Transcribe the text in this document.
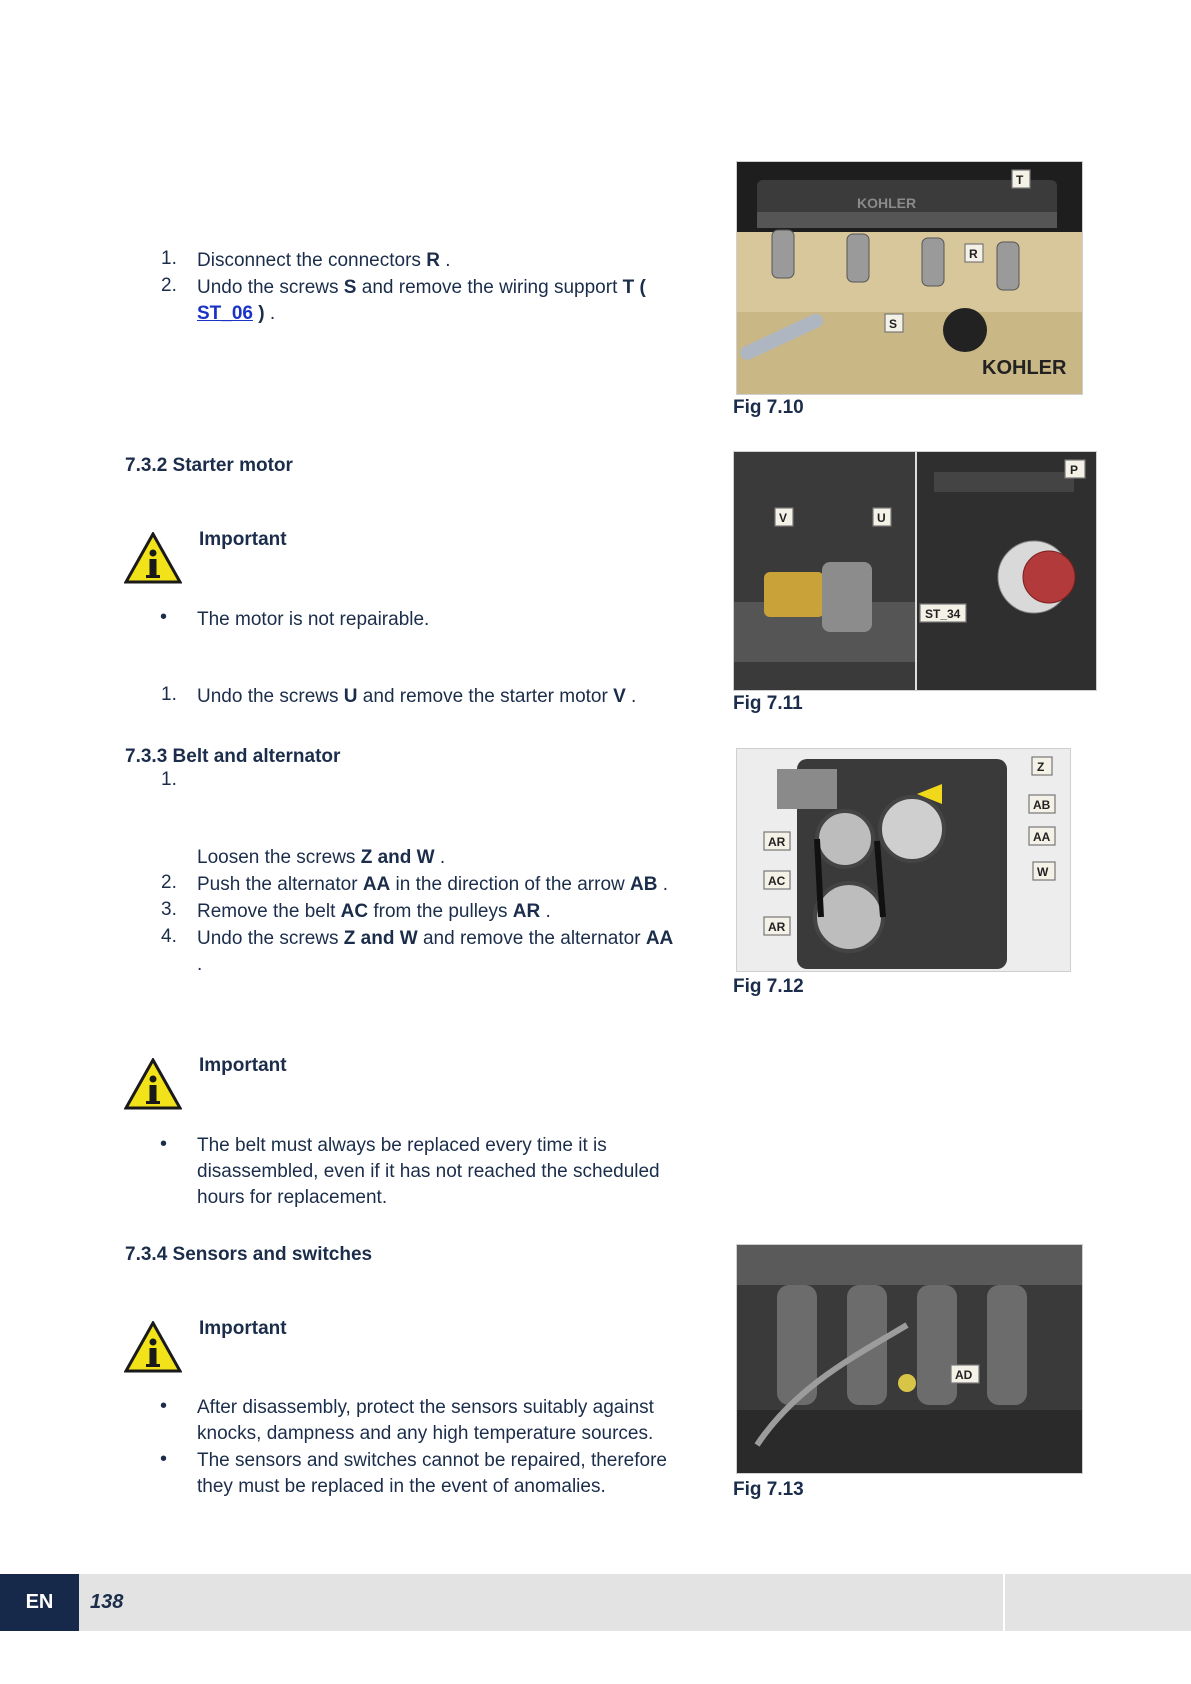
1. Disconnect the connectors R .
2. Undo the screws S and remove the wiring support T (
ST_06 ) .
KOHLER
KOHLER
T
R
S
Fig 7.10
7.3.2 Starter motor
Important
• The motor is not repairable.
1. Undo the screws U and remove the starter motor V .
V	U
P
ST_34
Fig 7.11
7.3.3 Belt and alternator
1.
Loosen the screws Z and W .
2. Push the alternator AA in the direction of the arrow AB .
3. Remove the belt AC from the pulleys AR .
4. Undo the screws Z and W and remove the alternator AA
.
Z
AB
AA
W
AR
AC
AR
Fig 7.12
Important
• The belt must always be replaced every time it is disassembled, even if it has not reached the scheduled hours for replacement.
7.3.4 Sensors and switches
Important
• After disassembly, protect the sensors suitably against knocks, dampness and any high temperature sources.
• The sensors and switches cannot be repaired, therefore they must be replaced in the event of anomalies.
AD
Fig 7.13
EN	138
